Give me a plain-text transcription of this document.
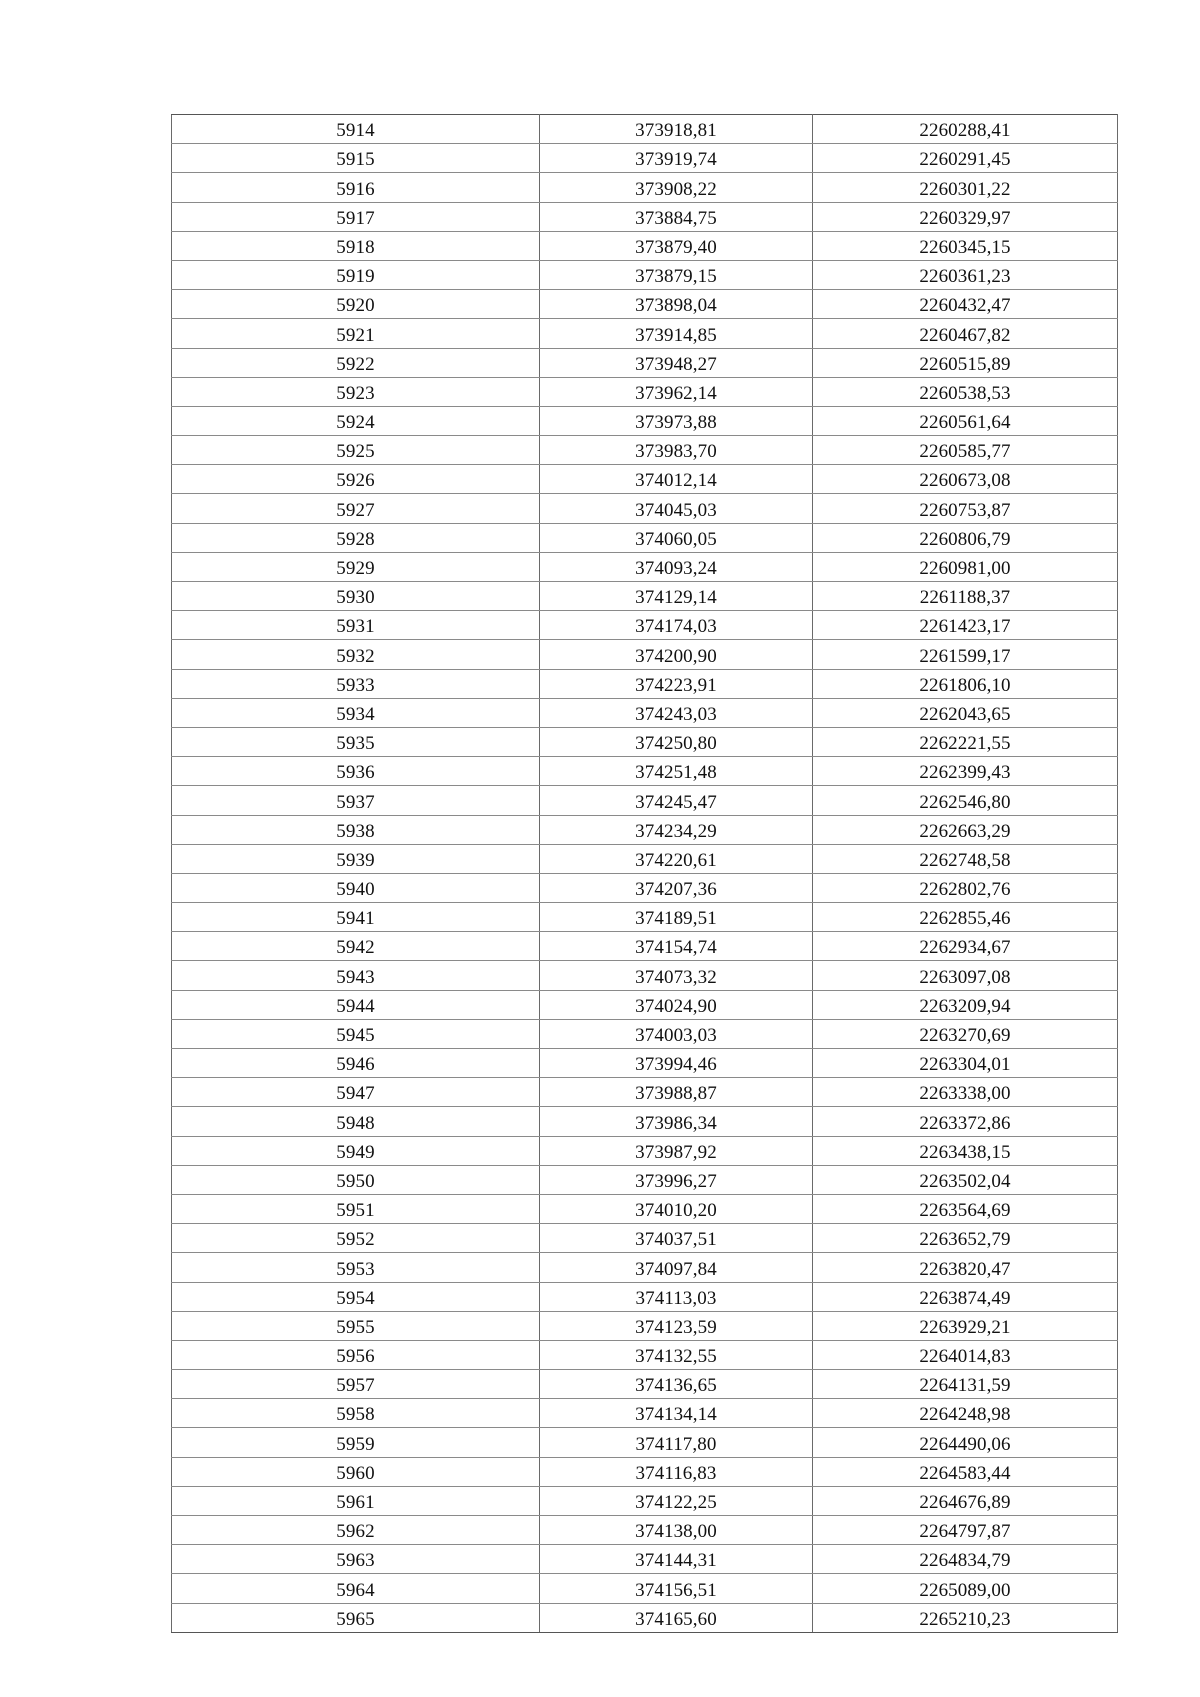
5914	373918,81	2260288,41
5915	373919,74	2260291,45
5916	373908,22	2260301,22
5917	373884,75	2260329,97
5918	373879,40	2260345,15
5919	373879,15	2260361,23
5920	373898,04	2260432,47
5921	373914,85	2260467,82
5922	373948,27	2260515,89
5923	373962,14	2260538,53
5924	373973,88	2260561,64
5925	373983,70	2260585,77
5926	374012,14	2260673,08
5927	374045,03	2260753,87
5928	374060,05	2260806,79
5929	374093,24	2260981,00
5930	374129,14	2261188,37
5931	374174,03	2261423,17
5932	374200,90	2261599,17
5933	374223,91	2261806,10
5934	374243,03	2262043,65
5935	374250,80	2262221,55
5936	374251,48	2262399,43
5937	374245,47	2262546,80
5938	374234,29	2262663,29
5939	374220,61	2262748,58
5940	374207,36	2262802,76
5941	374189,51	2262855,46
5942	374154,74	2262934,67
5943	374073,32	2263097,08
5944	374024,90	2263209,94
5945	374003,03	2263270,69
5946	373994,46	2263304,01
5947	373988,87	2263338,00
5948	373986,34	2263372,86
5949	373987,92	2263438,15
5950	373996,27	2263502,04
5951	374010,20	2263564,69
5952	374037,51	2263652,79
5953	374097,84	2263820,47
5954	374113,03	2263874,49
5955	374123,59	2263929,21
5956	374132,55	2264014,83
5957	374136,65	2264131,59
5958	374134,14	2264248,98
5959	374117,80	2264490,06
5960	374116,83	2264583,44
5961	374122,25	2264676,89
5962	374138,00	2264797,87
5963	374144,31	2264834,79
5964	374156,51	2265089,00
5965	374165,60	2265210,23
